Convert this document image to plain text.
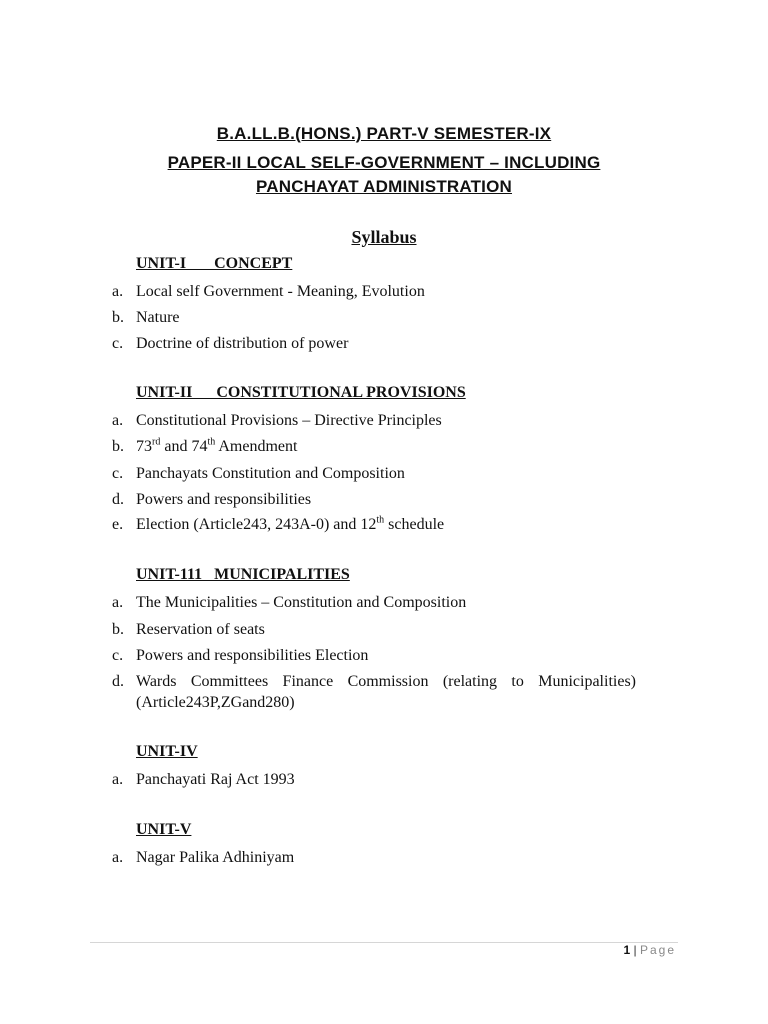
B.A.LL.B.(HONS.) PART-V SEMESTER-IX
PAPER-II LOCAL SELF-GOVERNMENT – INCLUDING
PANCHAYAT ADMINISTRATION
Syllabus
UNIT-I       CONCEPT
a. Local self Government - Meaning, Evolution
b. Nature
c. Doctrine of distribution of power
UNIT-II      CONSTITUTIONAL PROVISIONS
a. Constitutional Provisions – Directive Principles
b. 73rd and 74th Amendment
c. Panchayats Constitution and Composition
d. Powers and responsibilities
e. Election (Article243, 243A-0) and 12th schedule
UNIT-111   MUNICIPALITIES
a. The Municipalities – Constitution and Composition
b. Reservation of seats
c. Powers and responsibilities Election
d. Wards Committees Finance Commission (relating to Municipalities)
(Article243P,ZGand280)
UNIT-IV
a. Panchayati Raj Act 1993
UNIT-V
a. Nagar Palika Adhiniyam
1 | Page
